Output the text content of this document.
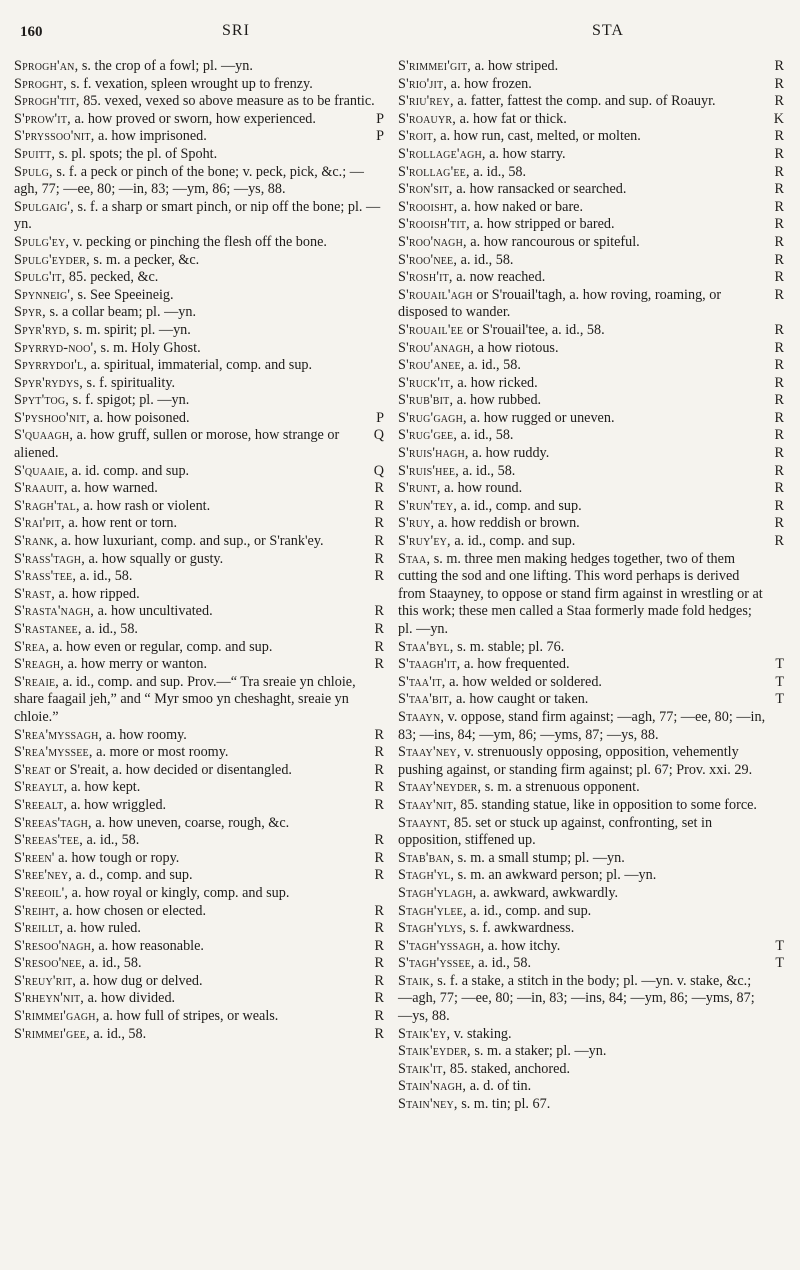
160	SRI	STA

Sprogh'an, s. the crop of a fowl; pl. —yn.

Sproght, s. f. vexation, spleen wrought up to frenzy.

Sprogh'tit, 85. vexed, vexed so above measure as to be frantic.

S'prow'it, a. how proved or sworn, how experienced.	P

S'pryssoo'nit, a. how imprisoned.	P

Spuitt, s. pl. spots; the pl. of Spoht.

Spulg, s. f. a peck or pinch of the bone; v. peck, pick, &c.; —agh, 77; —ee, 80; —in, 83; —ym, 86; —ys, 88.

Spulgaig', s. f. a sharp or smart pinch, or nip off the bone; pl. —yn.

Spulg'ey, v. pecking or pinching the flesh off the bone.

Spulg'eyder, s. m. a pecker, &c.

Spulg'it, 85. pecked, &c.

Spynneig', s. See Speeineig.

Spyr, s. a collar beam; pl. —yn.

Spyr'ryd, s. m. spirit; pl. —yn.

Spyrryd-noo', s. m. Holy Ghost.

Spyrrydoi'l, a. spiritual, immaterial, comp. and sup.

Spyr'rydys, s. f. spirituality.

Spyt'tog, s. f. spigot; pl. —yn.

S'pyshoo'nit, a. how poisoned.	P

S'quaagh, a. how gruff, sullen or morose, how strange or aliened.
Q

S'quaaie, a. id. comp. and sup.	Q

S'raauit, a. how warned.	R

S'ragh'tal, a. how rash or violent.	R

S'rai'pit, a. how rent or torn.	R

S'rank, a. how luxuriant, comp. and sup., or S'rank'ey.	R

S'rass'tagh, a. how squally or gusty.	R

S'rass'tee, a. id., 58.	R

S'rast, a. how ripped.

S'rasta'nagh, a. how uncultivated.	R

S'rastanee, a. id., 58.	R

S'rea, a. how even or regular, comp. and sup.	R

S'reagh, a. how merry or wanton.	R

S'reaie, a. id., comp. and sup. Prov.—“ Tra sreaie yn chloie, share faagail jeh,” and “ Myr smoo yn cheshaght, sreaie yn chloie.”

S'rea'myssagh, a. how roomy.	R

S'rea'myssee, a. more or most roomy.	R

S'reat or S'reait, a. how decided or disentangled.	R

S'reaylt, a. how kept.	R

S'reealt, a. how wriggled.	R

S'reeas'tagh, a. how uneven, coarse, rough, &c.

S'reeas'tee, a. id., 58.	R

S'reen' a. how tough or ropy.	R

S'ree'ney, a. d., comp. and sup.	R

S'reeoil', a. how royal or kingly, comp. and sup.

S'reiht, a. how chosen or elected.	R

S'reillt, a. how ruled.	R

S'resoo'nagh, a. how reasonable.	R

S'resoo'nee, a. id., 58.	R

S'reuy'rit, a. how dug or delved.	R

S'rheyn'nit, a. how divided.	R

S'rimmei'gagh, a. how full of stripes, or weals.	R

S'rimmei'gee, a. id., 58.	R

S'rimmei'git, a. how striped.	R

S'rio'jit, a. how frozen.	R

S'riu'rey, a. fatter, fattest the comp. and sup. of Roauyr.	R

S'roauyr, a. how fat or thick.	K

S'roit, a. how run, cast, melted, or molten.	R

S'rollage'agh, a. how starry.	R

S'rollag'ee, a. id., 58.	R

S'ron'sit, a. how ransacked or searched.	R

S'rooisht, a. how naked or bare.	R

S'rooish'tit, a. how stripped or bared.	R

S'roo'nagh, a. how rancourous or spiteful.	R

S'roo'nee, a. id., 58.	R

S'rosh'it, a. now reached.	R

S'rouail'agh or S'rouail'tagh, a. how roving, roaming, or disposed to wander.
R

S'rouail'ee or S'rouail'tee, a. id., 58.	R

S'rou'anagh, a how riotous.	R

S'rou'anee, a. id., 58.	R

S'ruck'it, a. how ricked.	R

S'rub'bit, a. how rubbed.	R

S'rug'gagh, a. how rugged or uneven.	R

S'rug'gee, a. id., 58.	R

S'ruis'hagh, a. how ruddy.	R

S'ruis'hee, a. id., 58.	R

S'runt, a. how round.	R

S'run'tey, a. id., comp. and sup.	R

S'ruy, a. how reddish or brown.	R

S'ruy'ey, a. id., comp. and sup.	R

Staa, s. m. three men making hedges together, two of them cutting the sod and one lifting. This word perhaps is derived from Staayney, to oppose or stand firm against in wrestling or at this work; these men called a Staa formerly made fold hedges; pl. —yn.

Staa'byl, s. m. stable; pl. 76.

S'taagh'it, a. how frequented.	T

S'taa'it, a. how welded or soldered.	T

S'taa'bit, a. how caught or taken.	T

Staayn, v. oppose, stand firm against; —agh, 77; —ee, 80; —in, 83; —ins, 84; —ym, 86; —yms, 87; —ys, 88.

Staay'ney, v. strenuously opposing, opposition, vehemently pushing against, or standing firm against; pl. 67; Prov. xxi. 29.

Staay'neyder, s. m. a strenuous opponent.

Staay'nit, 85. standing statue, like in opposition to some force.

Staaynt, 85. set or stuck up against, confronting, set in opposition, stiffened up.

Stab'ban, s. m. a small stump; pl. —yn.

Stagh'yl, s. m. an awkward person; pl. —yn.

Stagh'ylagh, a. awkward, awkwardly.

Stagh'ylee, a. id., comp. and sup.

Stagh'ylys, s. f. awkwardness.

S'tagh'yssagh, a. how itchy.	T

S'tagh'yssee, a. id., 58.	T

Staik, s. f. a stake, a stitch in the body; pl. —yn. v. stake, &c.; —agh, 77; —ee, 80; —in, 83; —ins, 84; —ym, 86; —yms, 87; —ys, 88.

Staik'ey, v. staking.

Staik'eyder, s. m. a staker; pl. —yn.

Staik'it, 85. staked, anchored.

Stain'nagh, a. d. of tin.

Stain'ney, s. m. tin; pl. 67.
